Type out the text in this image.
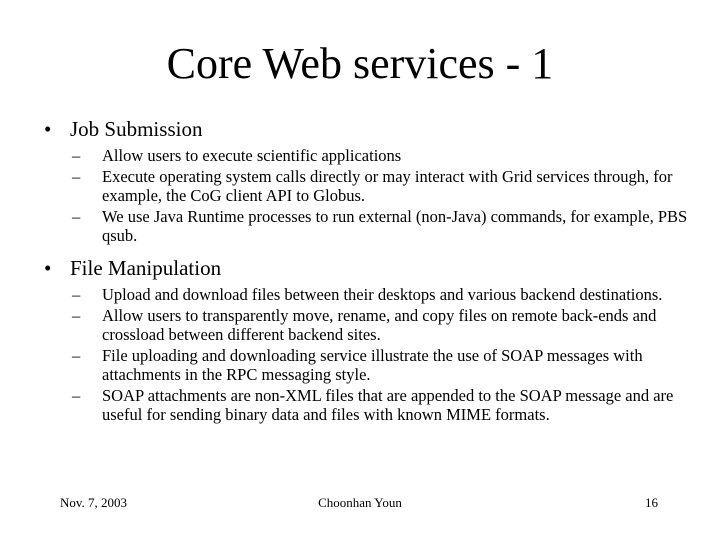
Core Web services - 1
• Job Submission
– Allow users to execute scientific applications
– Execute operating system calls directly or may interact with Grid services through, for example, the CoG client API to Globus.
– We use Java Runtime processes to run external (non-Java) commands, for example, PBS qsub.
• File Manipulation
– Upload and download files between their desktops and various backend destinations.
– Allow users to transparently move, rename, and copy files on remote back-ends and crossload between different backend sites.
– File uploading and downloading service illustrate the use of SOAP messages with attachments in the RPC messaging style.
– SOAP attachments are non-XML files that are appended to the SOAP message and are useful for sending binary data and files with known MIME formats.
Nov. 7, 2003	Choonhan Youn	16
